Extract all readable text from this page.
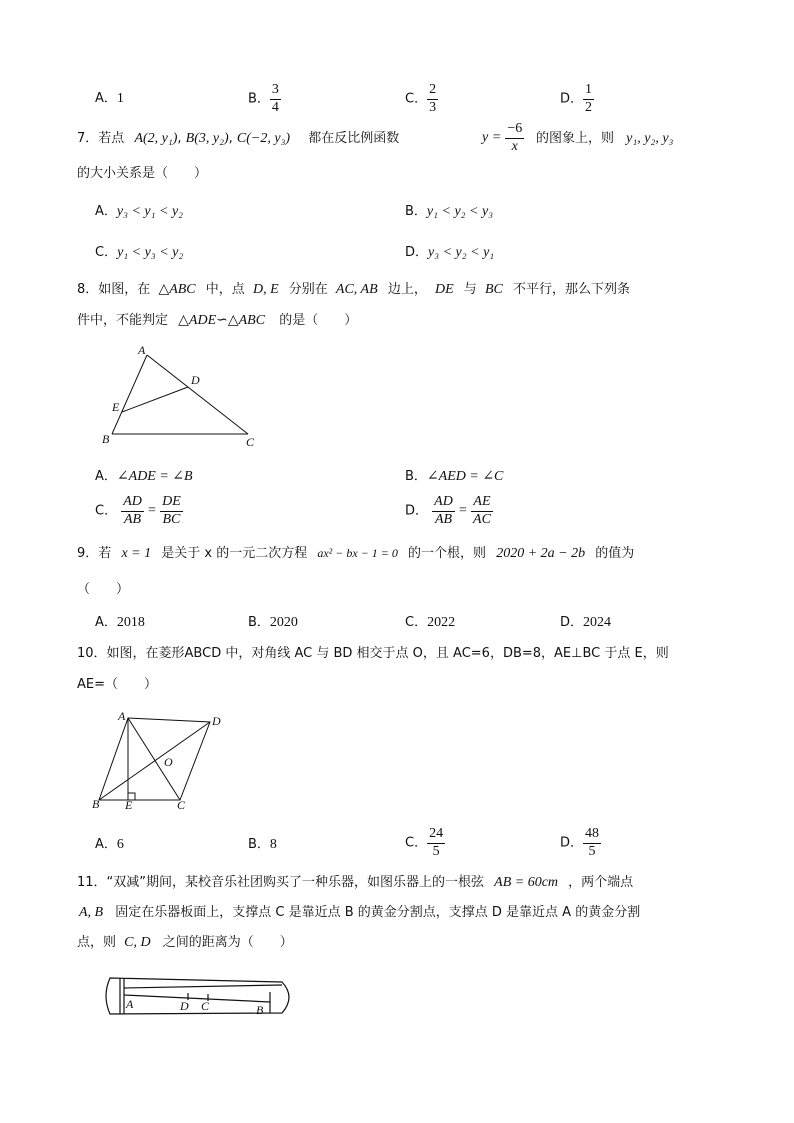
A．1	B． $\frac{3}{4}$	C． $\frac{2}{3}$	D． $\frac{1}{2}$
7．若点 A(2, y₁), B(3, y₂), C(−2, y₃) 都在反比例函数	$y = \frac{-6}{x}$ 的图象上，则 y₁, y₂, y₃
的大小关系是（　　）
A．y₃ < y₁ < y₂	B．y₁ < y₂ < y₃
C．y₁ < y₃ < y₂	D．y₃ < y₂ < y₁
8．如图，在 △ABC 中，点 D, E 分别在 AC, AB 边上， DE 与 BC 不平行，那么下列条
件中，不能判定 △ADE∽△ABC 的是（　　）
A
B	C
D
E
A．∠ADE = ∠B	B．∠AED = ∠C
C． $\frac{AD}{AB} = \frac{DE}{BC}$	D． $\frac{AD}{AB} = \frac{AE}{AC}$
9．若 x = 1 是关于 x 的一元二次方程 ax² − bx − 1 = 0 的一个根，则 2020 + 2a − 2b 的值为
（　　）
A．2018	B．2020	C．2022	D．2024
10．如图，在菱形ABCD 中，对角线 AC 与 BD 相交于点 O，且 AC=6，DB=8，AE⊥BC 于点 E，则
AE=（　　）
A	D
B E	C
O
A．6	B．8	C． $\frac{24}{5}$	D． $\frac{48}{5}$
11．“双减”期间，某校音乐社团购买了一种乐器，如图乐器上的一根弦 AB = 60cm ，两个端点
A, B 固定在乐器板面上，支撑点 C 是靠近点 B 的黄金分割点，支撑点 D 是靠近点 A 的黄金分割
点，则 C, D 之间的距离为（　　）
A	D C	B
